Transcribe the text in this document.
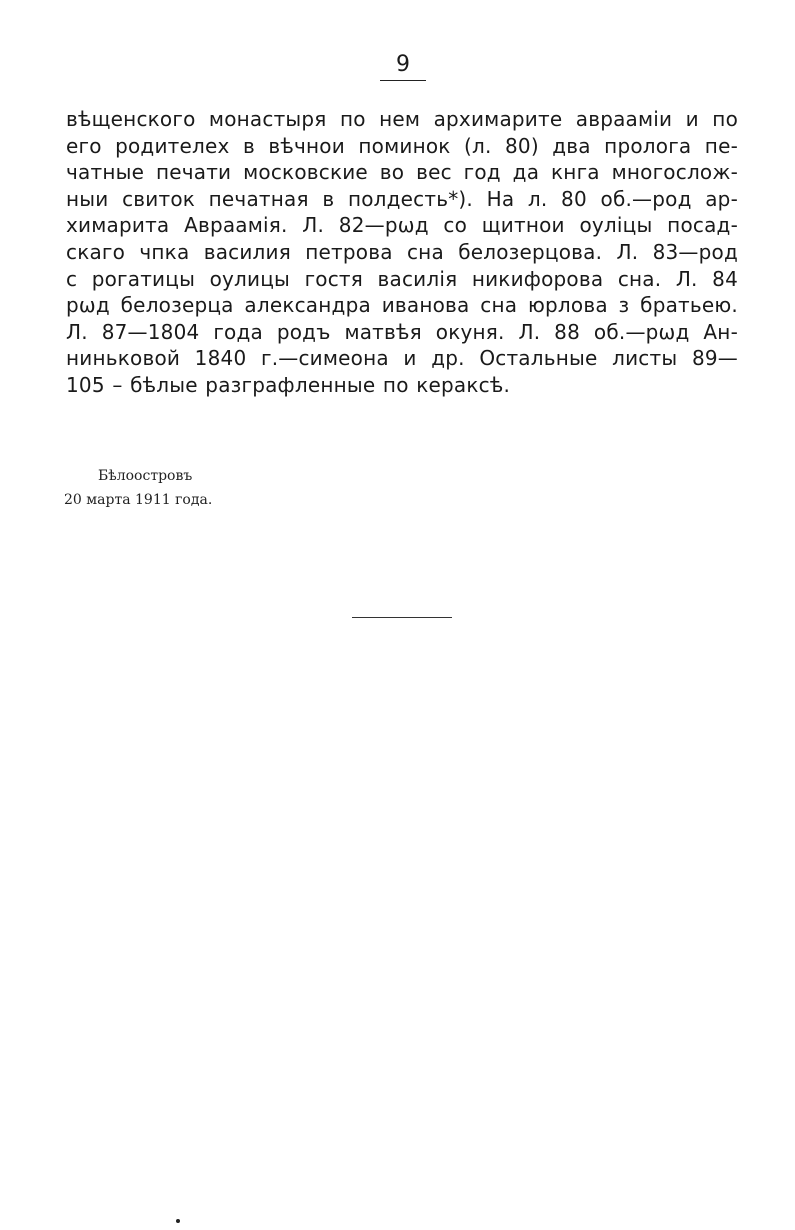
9
вѣщенского монастыря по нем архимарите авраамiи и по
его родителех в вѣчнои поминок (л. 80) два пролога пе-
чатные печати московские во вес год да кнга многослож-
ныи свиток печатная в полдесть*). На л. 80 об.—род ар-
химарита Авраамiя. Л. 82—рωд со щитнои оулiцы посад-
скаго чпка василия петрова сна белозерцова. Л. 83—род
с рогатицы оулицы гостя василiя никифорова сна. Л. 84
рωд белозерца александра иванова сна юрлова з братьею.
Л. 87—1804 года родъ матвѣя окуня. Л. 88 об.—рωд Ан-
ниньковой 1840 г.—симеона и др. Остальные листы 89—
105 – бѣлые разграфленные по кераксѣ.
Бѣлоостровъ
20 марта 1911 года.
